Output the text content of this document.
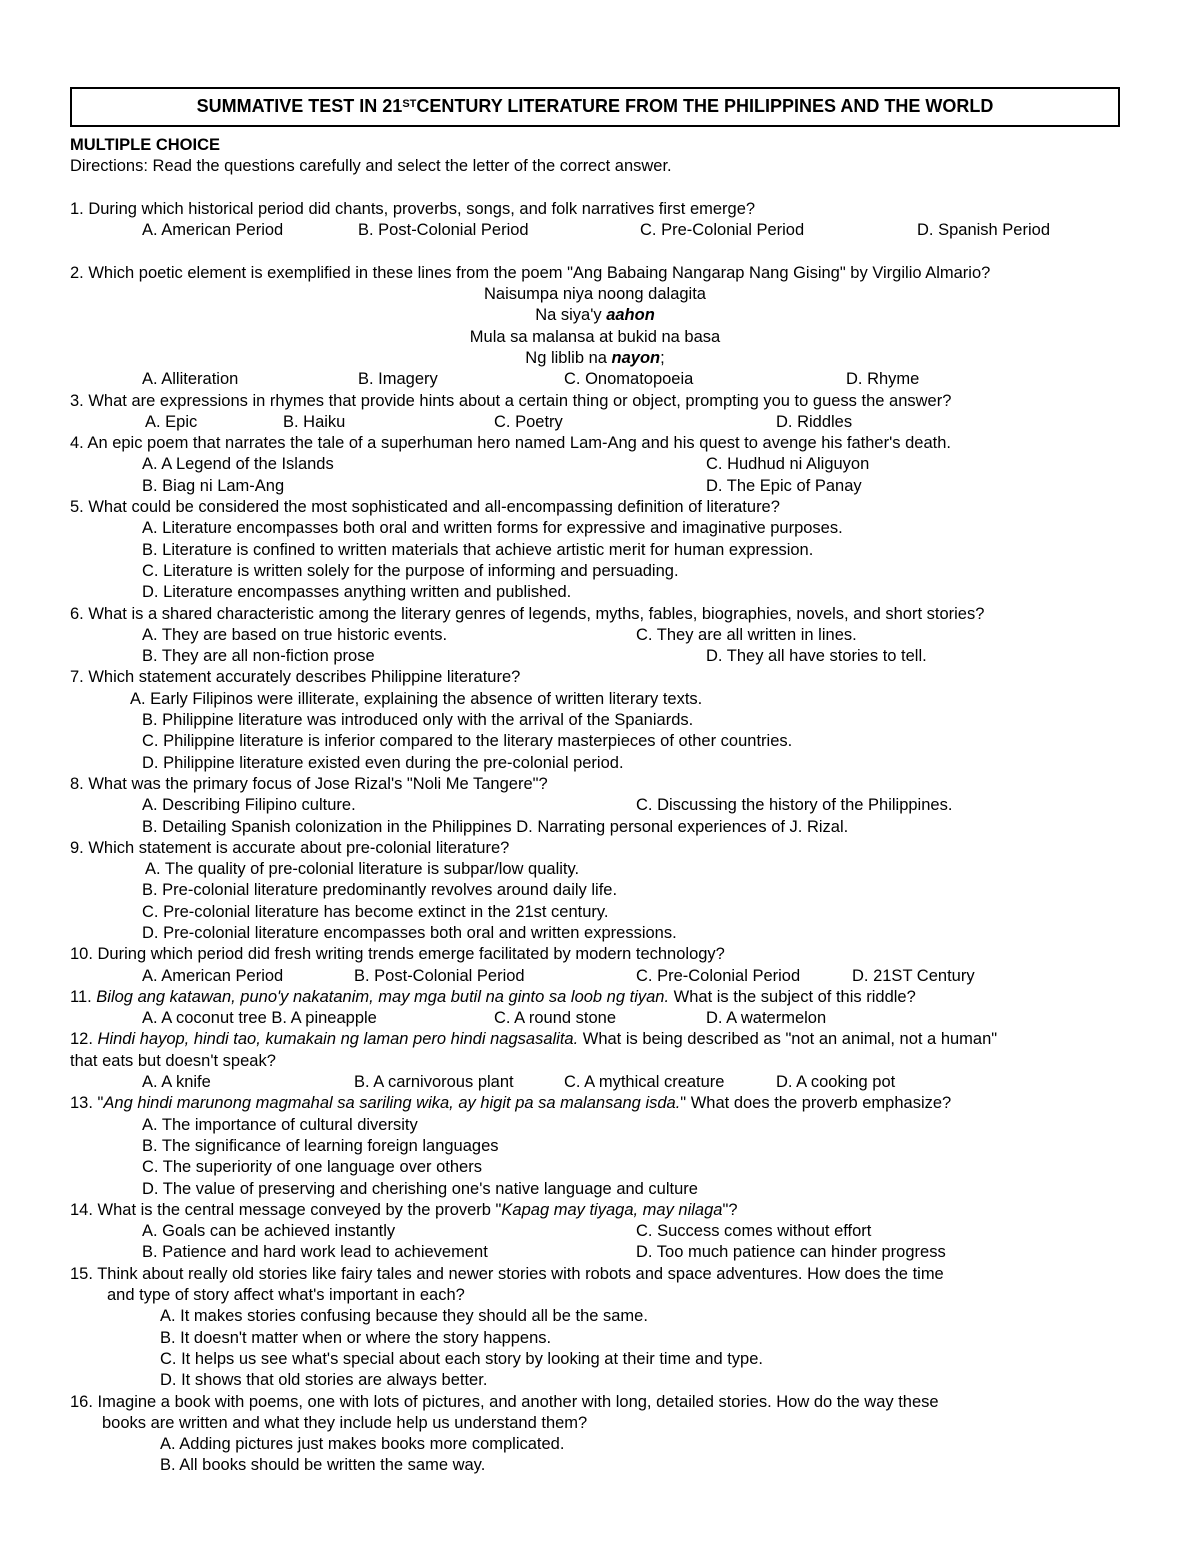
SUMMATIVE TEST IN 21ST CENTURY LITERATURE FROM THE PHILIPPINES AND THE WORLD
MULTIPLE CHOICE
Directions: Read the questions carefully and select the letter of the correct answer.
1. During which historical period did chants, proverbs, songs, and folk narratives first emerge?
A. American Period	B. Post-Colonial Period	C. Pre-Colonial Period	D. Spanish Period
2. Which poetic element is exemplified in these lines from the poem "Ang Babaing Nangarap Nang Gising" by Virgilio Almario?
Naisumpa niya noong dalagita
Na siya'y aahon
Mula sa malansa at bukid na basa
Ng liblib na nayon;
A. Alliteration	B. Imagery	C. Onomatopoeia	D. Rhyme
3. What are expressions in rhymes that provide hints about a certain thing or object, prompting you to guess the answer?
A. Epic	B. Haiku	C. Poetry	D. Riddles
4. An epic poem that narrates the tale of a superhuman hero named Lam-Ang and his quest to avenge his father's death.
A. A Legend of the Islands	C. Hudhud ni Aliguyon
B. Biag ni Lam-Ang	D. The Epic of Panay
5. What could be considered the most sophisticated and all-encompassing definition of literature?
A. Literature encompasses both oral and written forms for expressive and imaginative purposes.
B. Literature is confined to written materials that achieve artistic merit for human expression.
C. Literature is written solely for the purpose of informing and persuading.
D. Literature encompasses anything written and published.
6. What is a shared characteristic among the literary genres of legends, myths, fables, biographies, novels, and short stories?
A. They are based on true historic events.	C. They are all written in lines.
B. They are all non-fiction prose	D. They all have stories to tell.
7. Which statement accurately describes Philippine literature?
A. Early Filipinos were illiterate, explaining the absence of written literary texts.
B. Philippine literature was introduced only with the arrival of the Spaniards.
C. Philippine literature is inferior compared to the literary masterpieces of other countries.
D. Philippine literature existed even during the pre-colonial period.
8. What was the primary focus of Jose Rizal's "Noli Me Tangere"?
A. Describing Filipino culture.	C. Discussing the history of the Philippines.
B. Detailing Spanish colonization in the Philippines D. Narrating personal experiences of J. Rizal.
9. Which statement is accurate about pre-colonial literature?
A. The quality of pre-colonial literature is subpar/low quality.
B. Pre-colonial literature predominantly revolves around daily life.
C. Pre-colonial literature has become extinct in the 21st century.
D. Pre-colonial literature encompasses both oral and written expressions.
10. During which period did fresh writing trends emerge facilitated by modern technology?
A. American Period	B. Post-Colonial Period	C. Pre-Colonial Period	D. 21ST Century
11. Bilog ang katawan, puno'y nakatanim, may mga butil na ginto sa loob ng tiyan. What is the subject of this riddle?
A. A coconut tree B. A pineapple	C. A round stone	D. A watermelon
12. Hindi hayop, hindi tao, kumakain ng laman pero hindi nagsasalita. What is being described as "not an animal, not a human"
that eats but doesn't speak?
A. A knife	B. A carnivorous plant	C. A mythical creature	D. A cooking pot
13. "Ang hindi marunong magmahal sa sariling wika, ay higit pa sa malansang isda." What does the proverb emphasize?
A. The importance of cultural diversity
B. The significance of learning foreign languages
C. The superiority of one language over others
D. The value of preserving and cherishing one's native language and culture
14. What is the central message conveyed by the proverb "Kapag may tiyaga, may nilaga"?
A. Goals can be achieved instantly	C. Success comes without effort
B. Patience and hard work lead to achievement	D. Too much patience can hinder progress
15. Think about really old stories like fairy tales and newer stories with robots and space adventures. How does the time
and type of story affect what's important in each?
A. It makes stories confusing because they should all be the same.
B. It doesn't matter when or where the story happens.
C. It helps us see what's special about each story by looking at their time and type.
D. It shows that old stories are always better.
16. Imagine a book with poems, one with lots of pictures, and another with long, detailed stories. How do the way these
books are written and what they include help us understand them?
A. Adding pictures just makes books more complicated.
B. All books should be written the same way.
